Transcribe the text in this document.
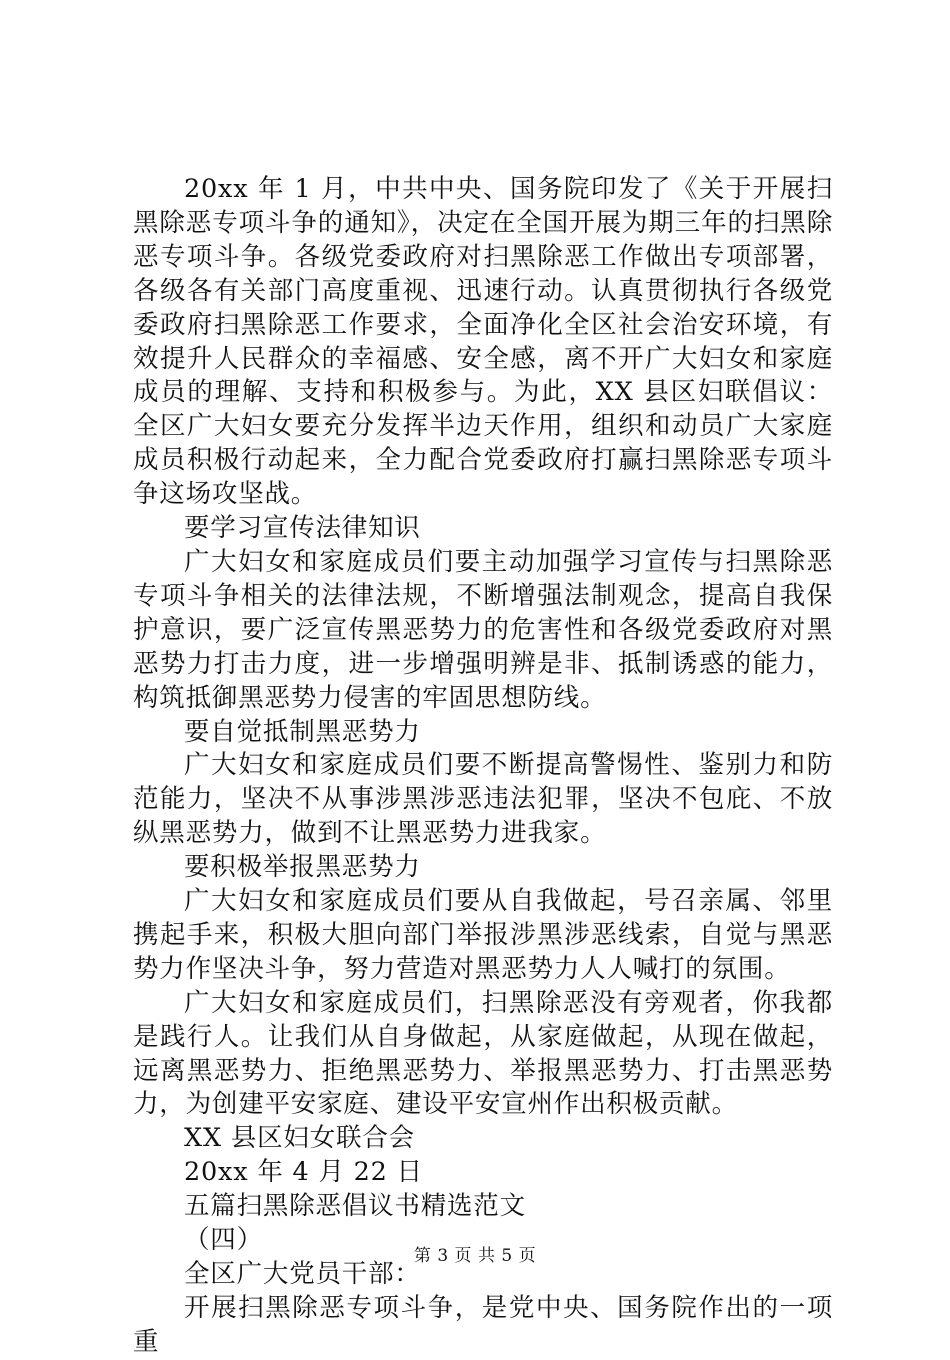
20xx 年 1 月，中共中央、国务院印发了《关于开展扫黑除恶专项斗争的通知》，决定在全国开展为期三年的扫黑除恶专项斗争。各级党委政府对扫黑除恶工作做出专项部署，各级各有关部门高度重视、迅速行动。认真贯彻执行各级党委政府扫黑除恶工作要求，全面净化全区社会治安环境，有效提升人民群众的幸福感、安全感，离不开广大妇女和家庭成员的理解、支持和积极参与。为此，XX 县区妇联倡议：全区广大妇女要充分发挥半边天作用，组织和动员广大家庭成员积极行动起来，全力配合党委政府打赢扫黑除恶专项斗争这场攻坚战。

要学习宣传法律知识

广大妇女和家庭成员们要主动加强学习宣传与扫黑除恶专项斗争相关的法律法规，不断增强法制观念，提高自我保护意识，要广泛宣传黑恶势力的危害性和各级党委政府对黑恶势力打击力度，进一步增强明辨是非、抵制诱惑的能力，构筑抵御黑恶势力侵害的牢固思想防线。

要自觉抵制黑恶势力

广大妇女和家庭成员们要不断提高警惕性、鉴别力和防范能力，坚决不从事涉黑涉恶违法犯罪，坚决不包庇、不放纵黑恶势力，做到不让黑恶势力进我家。

要积极举报黑恶势力

广大妇女和家庭成员们要从自我做起，号召亲属、邻里携起手来，积极大胆向部门举报涉黑涉恶线索，自觉与黑恶势力作坚决斗争，努力营造对黑恶势力人人喊打的氛围。

广大妇女和家庭成员们，扫黑除恶没有旁观者，你我都是践行人。让我们从自身做起，从家庭做起，从现在做起，远离黑恶势力、拒绝黑恶势力、举报黑恶势力、打击黑恶势力，为创建平安家庭、建设平安宣州作出积极贡献。

XX 县区妇女联合会

20xx 年 4 月 22 日

五篇扫黑除恶倡议书精选范文

（四）

全区广大党员干部：

开展扫黑除恶专项斗争，是党中央、国务院作出的一项重

第 3 页 共 5 页
